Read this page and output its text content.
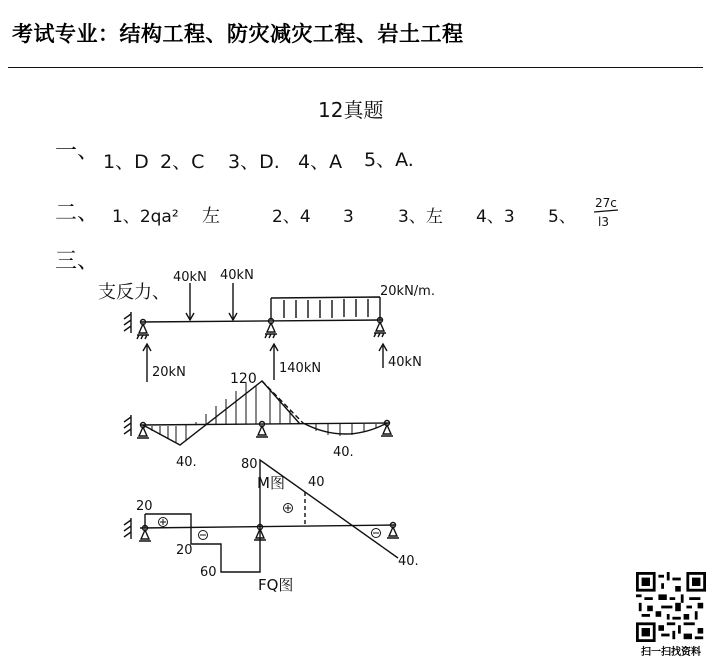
考试专业：结构工程、防灾减灾工程、岩土工程
12真题
一、 1、D 2、C 3、D. 4、A 5、A.
二、 1、2qa² 左	2、4 3	3、左 4、3 5、
27c
l3
三、
支反力、
40kN 40kN
20kN/m.
20kN	140kN	40kN
120
40.
40.
M图
20
20
60
80
40
40.
FQ图
扫一扫找资料
